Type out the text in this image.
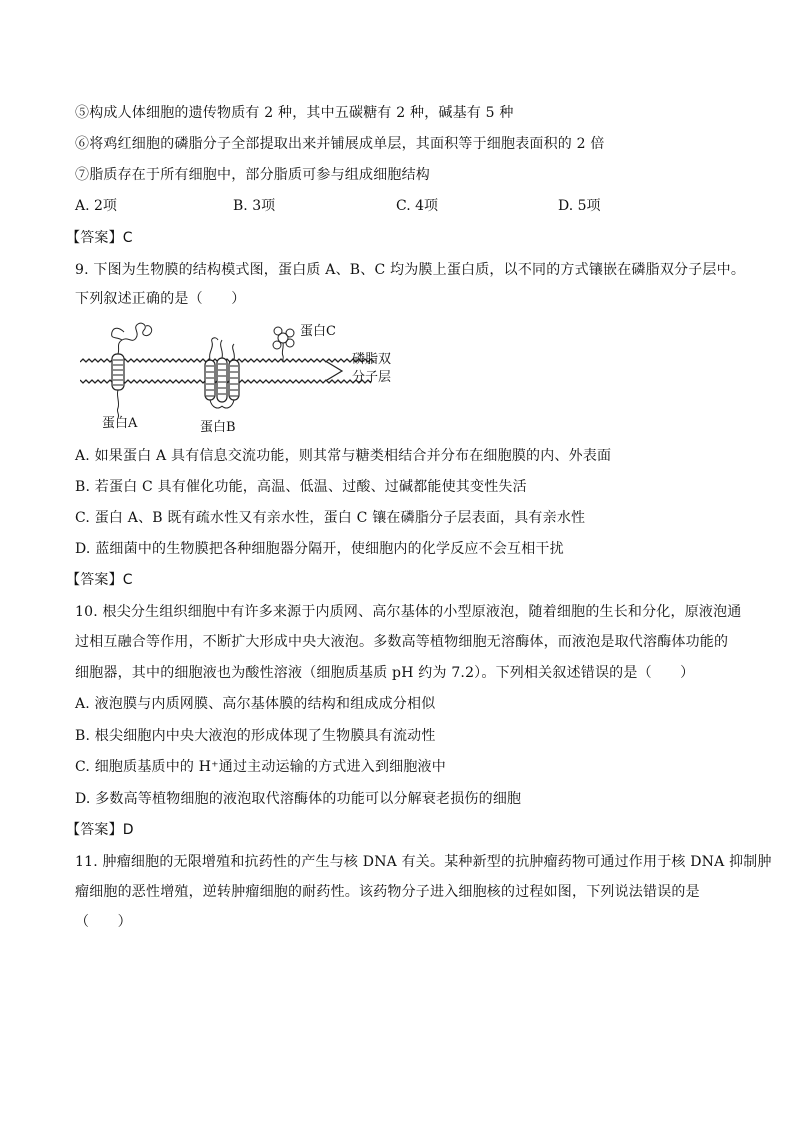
⑤构成人体细胞的遗传物质有 2 种，其中五碳糖有 2 种，碱基有 5 种
⑥将鸡红细胞的磷脂分子全部提取出来并铺展成单层，其面积等于细胞表面积的 2 倍
⑦脂质存在于所有细胞中，部分脂质可参与组成细胞结构
A. 2项	B. 3项	C. 4项	D. 5项
【答案】C
9. 下图为生物膜的结构模式图，蛋白质 A、B、C 均为膜上蛋白质，以不同的方式镶嵌在磷脂双分子层中。
下列叙述正确的是（　　）
蛋白C
磷脂双
分子层
蛋白A	蛋白B
A. 如果蛋白 A 具有信息交流功能，则其常与糖类相结合并分布在细胞膜的内、外表面
B. 若蛋白 C 具有催化功能，高温、低温、过酸、过碱都能使其变性失活
C. 蛋白 A、B 既有疏水性又有亲水性，蛋白 C 镶在磷脂分子层表面，具有亲水性
D. 蓝细菌中的生物膜把各种细胞器分隔开，使细胞内的化学反应不会互相干扰
【答案】C
10. 根尖分生组织细胞中有许多来源于内质网、高尔基体的小型原液泡，随着细胞的生长和分化，原液泡通
过相互融合等作用，不断扩大形成中央大液泡。多数高等植物细胞无溶酶体，而液泡是取代溶酶体功能的
细胞器，其中的细胞液也为酸性溶液（细胞质基质 pH 约为 7.2）。下列相关叙述错误的是（　　）
A. 液泡膜与内质网膜、高尔基体膜的结构和组成成分相似
B. 根尖细胞内中央大液泡的形成体现了生物膜具有流动性
C. 细胞质基质中的 H⁺通过主动运输的方式进入到细胞液中
D. 多数高等植物细胞的液泡取代溶酶体的功能可以分解衰老损伤的细胞
【答案】D
11. 肿瘤细胞的无限增殖和抗药性的产生与核 DNA 有关。某种新型的抗肿瘤药物可通过作用于核 DNA 抑制肿
瘤细胞的恶性增殖，逆转肿瘤细胞的耐药性。该药物分子进入细胞核的过程如图，下列说法错误的是
（　　）
